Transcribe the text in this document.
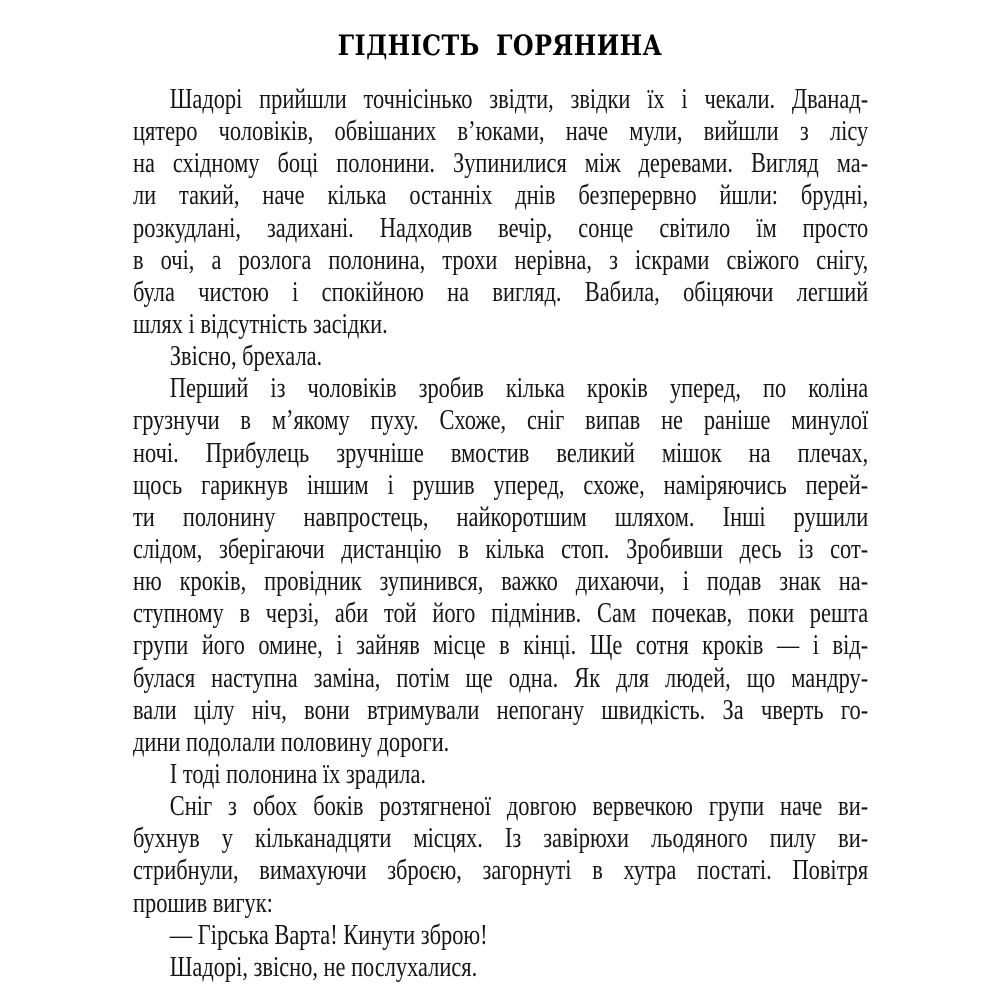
ГІДНІСТЬ ГОРЯНИНА
Шадорі прийшли точнісінько звідти, звідки їх і чекали. Дванад-
цятеро чоловіків, обвішаних в’юками, наче мули, вийшли з лісу
на східному боці полонини. Зупинилися між деревами. Вигляд ма-
ли такий, наче кілька останніх днів безперервно йшли: брудні,
розкудлані, задихані. Надходив вечір, сонце світило їм просто
в очі, а розлога полонина, трохи нерівна, з іскрами свіжого снігу,
була чистою і спокійною на вигляд. Вабила, обіцяючи легший
шлях і відсутність засідки.
Звісно, брехала.
Перший із чоловіків зробив кілька кроків уперед, по коліна
грузнучи в м’якому пуху. Схоже, сніг випав не раніше минулої
ночі. Прибулець зручніше вмостив великий мішок на плечах,
щось гарикнув іншим і рушив уперед, схоже, наміряючись перей-
ти полонину навпростець, найкоротшим шляхом. Інші рушили
слідом, зберігаючи дистанцію в кілька стоп. Зробивши десь із сот-
ню кроків, провідник зупинився, важко дихаючи, і подав знак на-
ступному в черзі, аби той його підмінив. Сам почекав, поки решта
групи його омине, і зайняв місце в кінці. Ще сотня кроків — і від-
булася наступна заміна, потім ще одна. Як для людей, що мандру-
вали цілу ніч, вони втримували непогану швидкість. За чверть го-
дини подолали половину дороги.
І тоді полонина їх зрадила.
Сніг з обох боків розтягненої довгою вервечкою групи наче ви-
бухнув у кільканадцяти місцях. Із завірюхи льодяного пилу ви-
стрибнули, вимахуючи зброєю, загорнуті в хутра постаті. Повітря
прошив вигук:
— Гірська Варта! Кинути зброю!
Шадорі, звісно, не послухалися.
